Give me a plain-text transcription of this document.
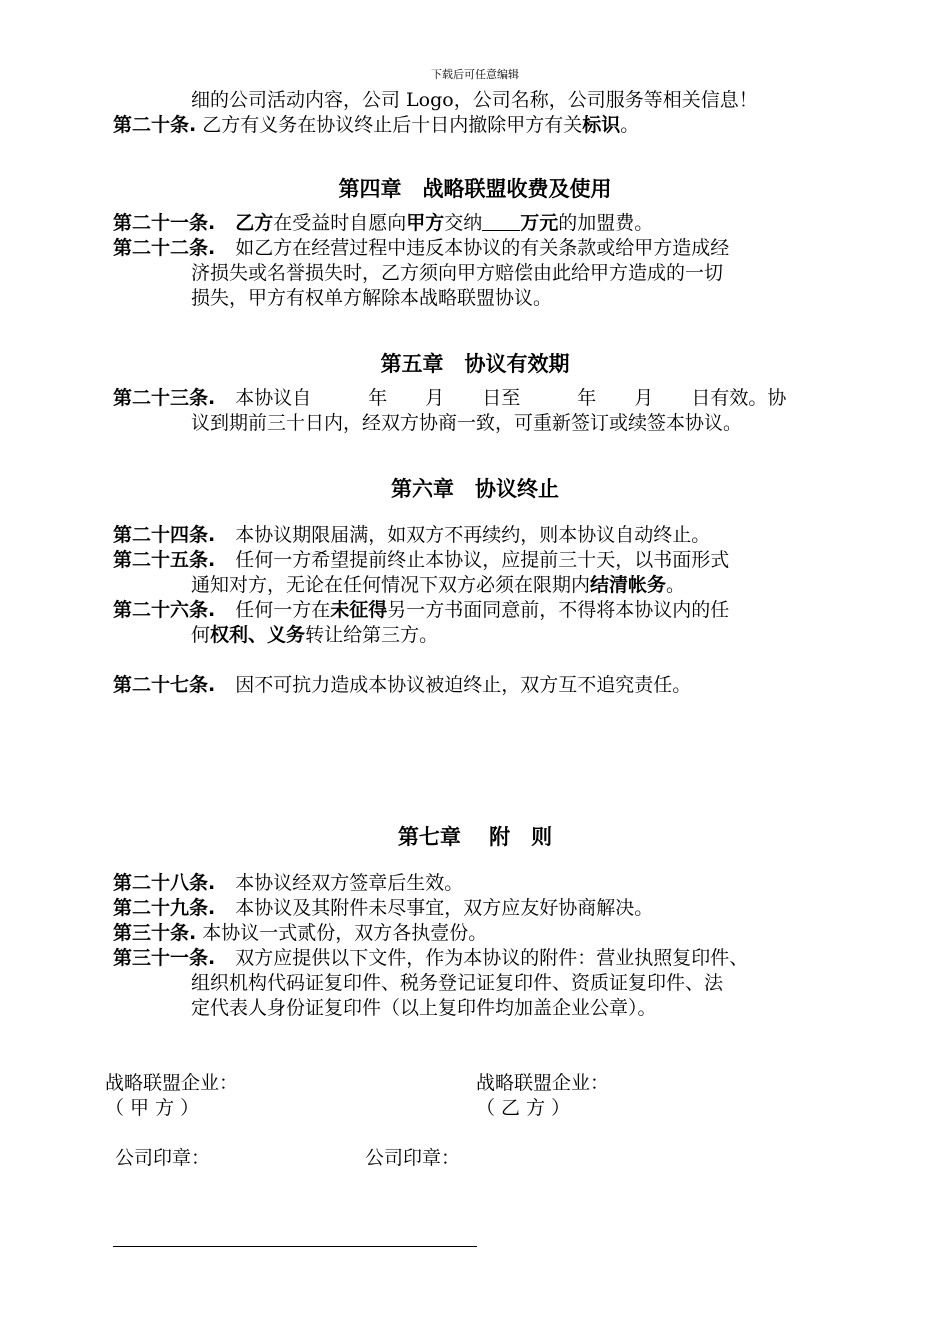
下载后可任意编辑
细的公司活动内容，公司 Logo，公司名称，公司服务等相关信息！
第二十条. 乙方有义务在协议终止后十日内撤除甲方有关标识。
第四章　战略联盟收费及使用
第二十一条. 乙方在受益时自愿向甲方交纳 万元的加盟费。
第二十二条. 如乙方在经营过程中违反本协议的有关条款或给甲方造成经
济损失或名誉损失时，乙方须向甲方赔偿由此给甲方造成的一切
损失，甲方有权单方解除本战略联盟协议。
第五章　协议有效期
第二十三条. 本协议自	年 月 日至	年 月 日有效。协
议到期前三十日内，经双方协商一致，可重新签订或续签本协议。
第六章　协议终止
第二十四条. 本协议期限届满，如双方不再续约，则本协议自动终止。
第二十五条. 任何一方希望提前终止本协议，应提前三十天，以书面形式
通知对方，无论在任何情况下双方必须在限期内结清帐务。
第二十六条. 任何一方在未征得另一方书面同意前，不得将本协议内的任
何权利、义务转让给第三方。
第二十七条. 因不可抗力造成本协议被迫终止，双方互不追究责任。
第七章　 附　则
第二十八条. 本协议经双方签章后生效。
第二十九条. 本协议及其附件未尽事宜，双方应友好协商解决。
第三十条. 本协议一式贰份，双方各执壹份。
第三十一条. 双方应提供以下文件，作为本协议的附件：营业执照复印件、
组织机构代码证复印件、税务登记证复印件、资质证复印件、法
定代表人身份证复印件（以上复印件均加盖企业公章）。
战略联盟企业：
（ 甲 方 ）
战略联盟企业：
（ 乙 方 ）
公司印章：	公司印章：
